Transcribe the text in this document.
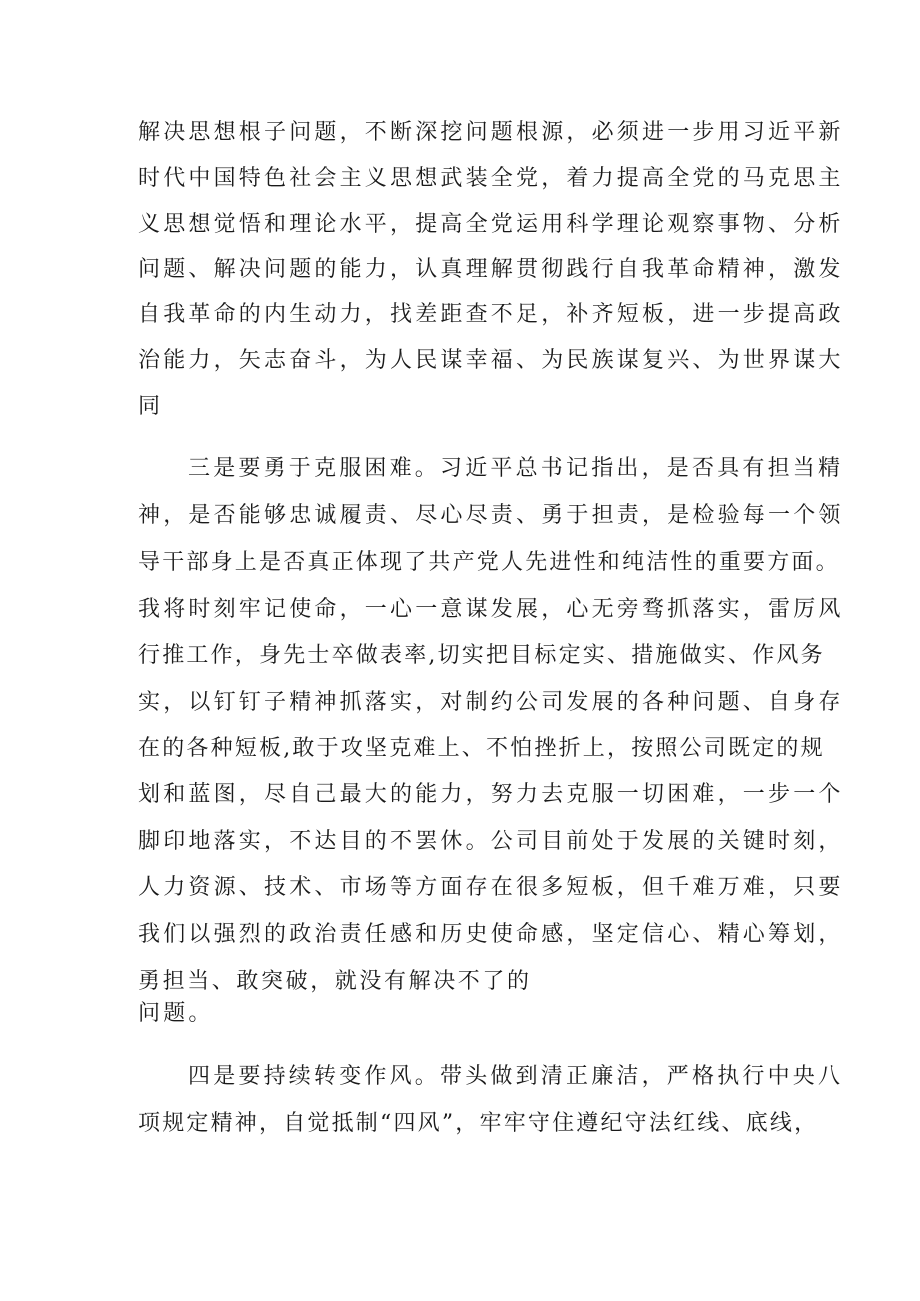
解决思想根子问题，不断深挖问题根源，必须进一步用习近平新
时代中国特色社会主义思想武装全党，着力提高全党的马克思主
义思想觉悟和理论水平，提高全党运用科学理论观察事物、分析
问题、解决问题的能力，认真理解贯彻践行自我革命精神，激发
自我革命的内生动力，找差距查不足，补齐短板，进一步提高政
治能力，矢志奋斗，为人民谋幸福、为民族谋复兴、为世界谋大
同
三是要勇于克服困难。习近平总书记指出，是否具有担当精
神，是否能够忠诚履责、尽心尽责、勇于担责，是检验每一个领
导干部身上是否真正体现了共产党人先进性和纯洁性的重要方面。
我将时刻牢记使命，一心一意谋发展，心无旁骛抓落实，雷厉风
行推工作，身先士卒做表率,切实把目标定实、措施做实、作风务
实，以钉钉子精神抓落实，对制约公司发展的各种问题、自身存
在的各种短板,敢于攻坚克难上、不怕挫折上，按照公司既定的规
划和蓝图，尽自己最大的能力，努力去克服一切困难，一步一个
脚印地落实，不达目的不罢休。公司目前处于发展的关键时刻，
人力资源、技术、市场等方面存在很多短板，但千难万难，只要
我们以强烈的政治责任感和历史使命感，坚定信心、精心筹划，
勇担当、敢突破，就没有解决不了的
问题。
四是要持续转变作风。带头做到清正廉洁，严格执行中央八
项规定精神，自觉抵制“四风”，牢牢守住遵纪守法红线、底线，
